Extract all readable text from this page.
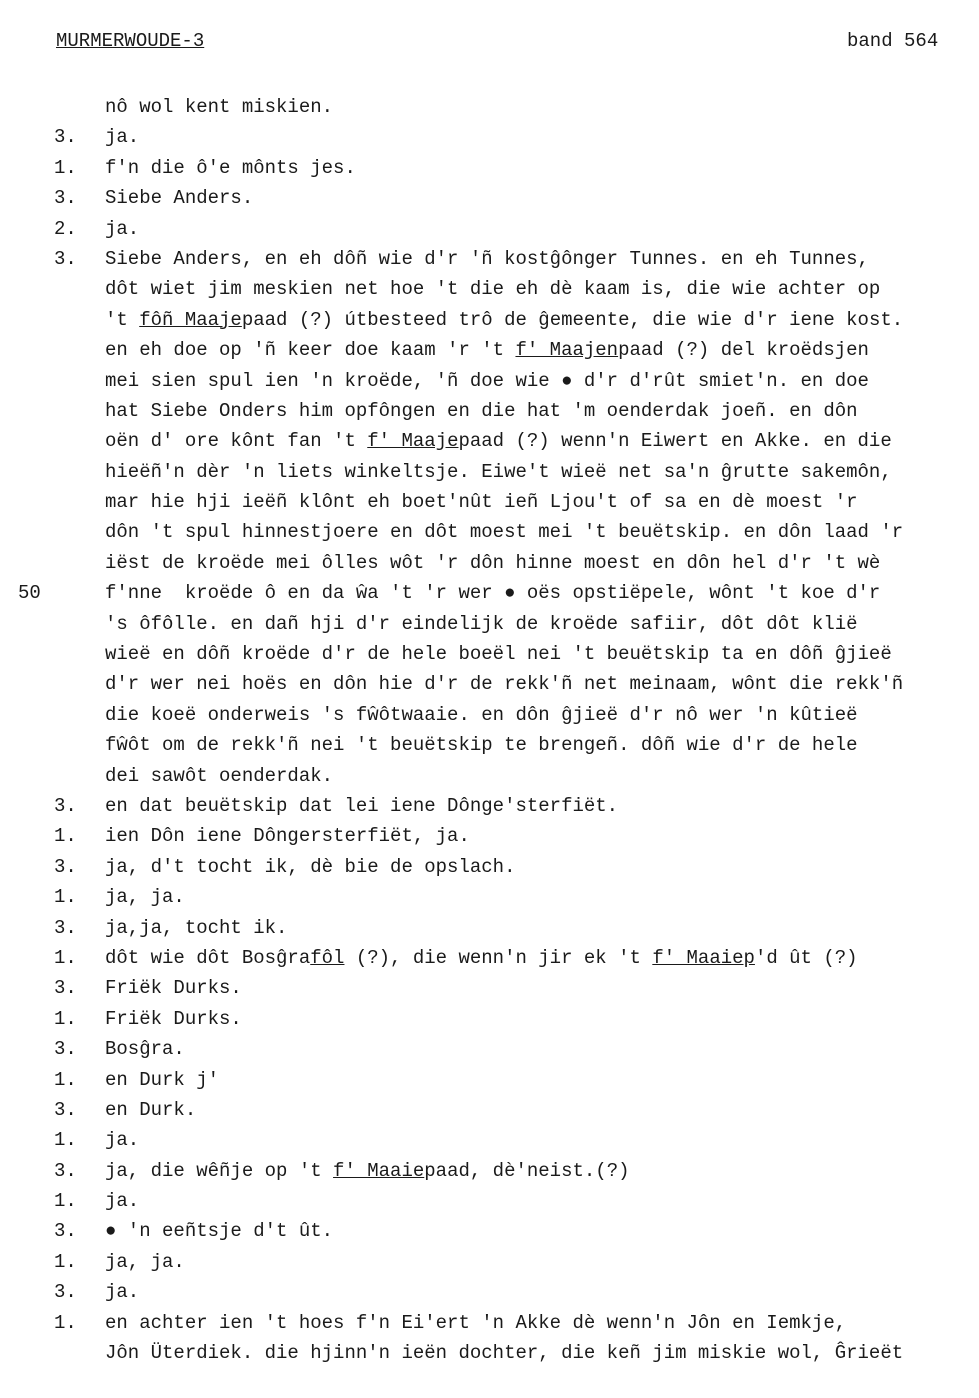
MURMERWOUDE-3	band 564
nô wol kent miskien.
3. ja.
1. f'n die ô'e mônts jes.
3. Siebe Anders.
2. ja.
3. Siebe Anders, en eh dôñ wie d'r 'ñ kostĝônger Tunnes. en eh Tunnes,
dôt wiet jim meskien net hoe 't die eh dè kaam is, die wie achter op
't fôñ Maajepaad (?) útbesteed trô de ĝemeente, die wie d'r iene kost.
en eh doe op 'ñ keer doe kaam 'r 't f' Maajenpaad (?) del kroëdsjen
mei sien spul ien 'n kroëde, 'ñ doe wie ● d'r d'rût smiet'n. en doe
hat Siebe Onders him opfôngen en die hat 'm oenderdak joeñ. en dôn
oën d' ore kônt fan 't f' Maajepaad (?) wenn'n Eiwert en Akke. en die
hieëñ'n dèr 'n liets winkeltsje. Eiwe't wieë net sa'n ĝrutte sakemôn,
mar hie hji ieëñ klônt eh boet'nût ieñ Ljou't of sa en dè moest 'r
dôn 't spul hinnestjoere en dôt moest mei 't beuëtskip. en dôn laad 'r
iëst de kroëde mei ôlles wôt 'r dôn hinne moest en dôn hel d'r 't wè
50	f'nne  kroëde ô en da ŵa 't 'r wer ● oës opstiëpele, wônt 't koe d'r
's ôfôlle. en dañ hji d'r eindelijk de kroëde safiir, dôt dôt klië
wieë en dôñ kroëde d'r de hele boeël nei 't beuëtskip ta en dôñ ĝjieë
d'r wer nei hoës en dôn hie d'r de rekk'ñ net meinaam, wônt die rekk'ñ
die koeë onderweis 's fŵôtwaaie. en dôn ĝjieë d'r nô wer 'n kûtieë
fŵôt om de rekk'ñ nei 't beuëtskip te brengeñ. dôñ wie d'r de hele
dei sawôt oenderdak.
3. en dat beuëtskip dat lei iene Dônge'sterfiët.
1. ien Dôn iene Dôngersterfiët, ja.
3. ja, d't tocht ik, dè bie de opslach.
1. ja, ja.
3. ja,ja, tocht ik.
1. dôt wie dôt Bosĝrafôl (?), die wenn'n jir ek 't f' Maaiep'd ût (?)
3. Friëk Durks.
1. Friëk Durks.
3. Bosĝra.
1. en Durk j'
3. en Durk.
1. ja.
3. ja, die wêñje op 't f' Maaiepaad, dè'neist.(?)
1. ja.
3. ● 'n eeñtsje d't ût.
1. ja, ja.
3. ja.
1. en achter ien 't hoes f'n Ei'ert 'n Akke dè wenn'n Jôn en Iemkje,
Jôn Üterdiek. die hjinn'n ieën dochter, die keñ jim miskie wol, Ĝrieët
